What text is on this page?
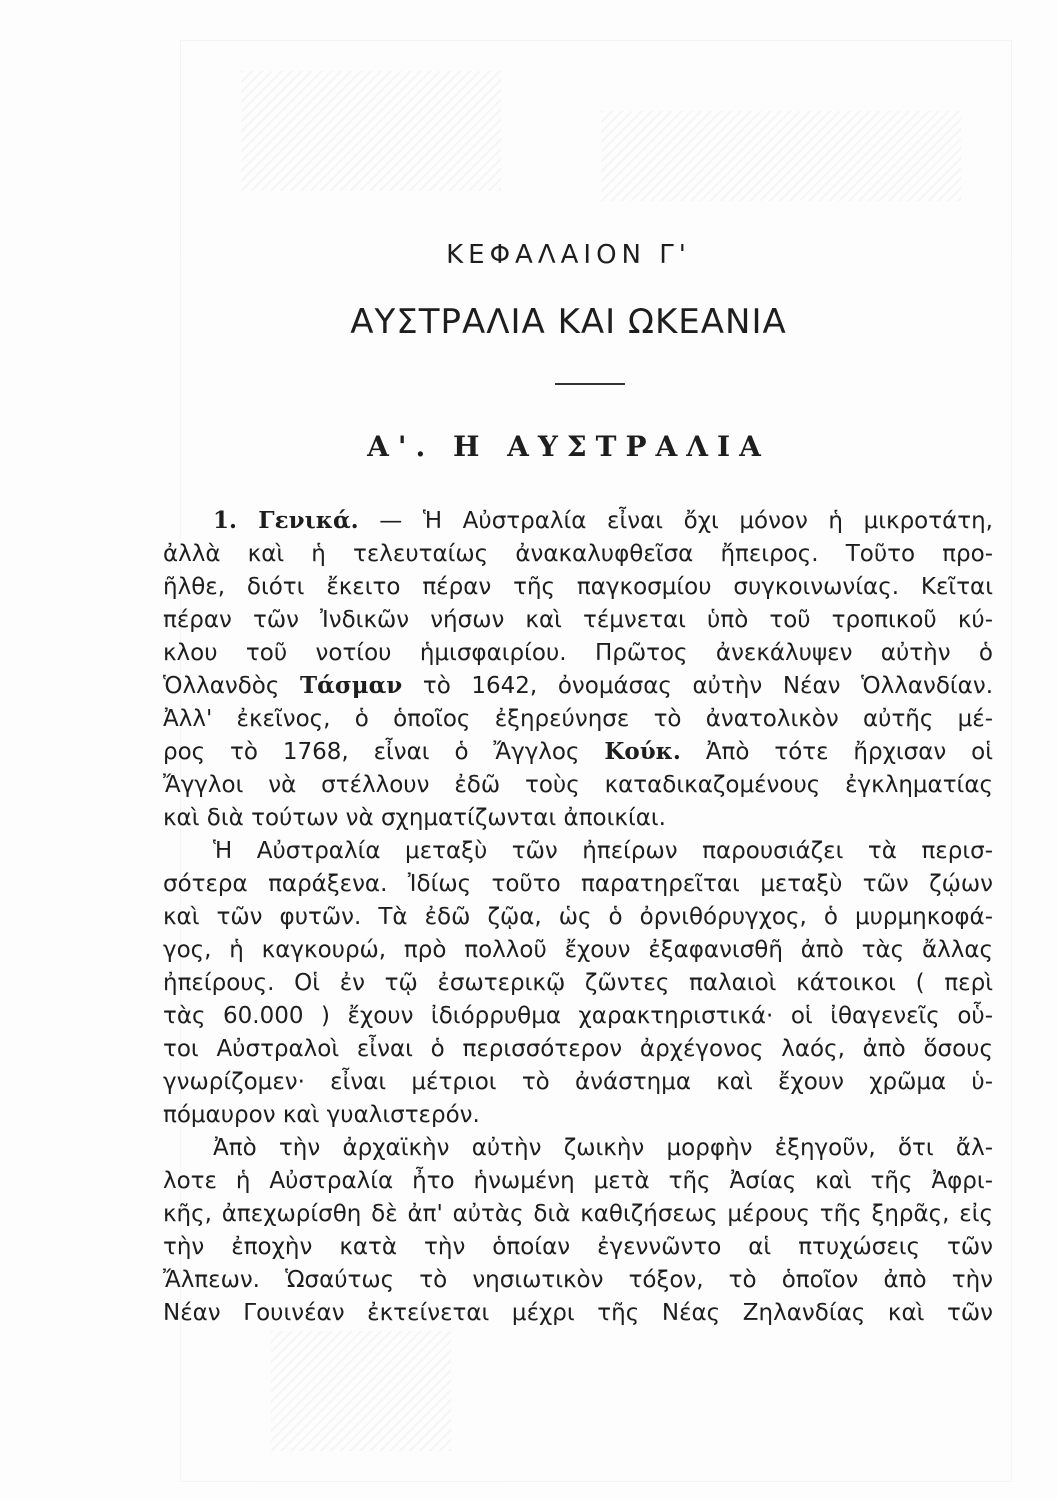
ΚΕΦΑΛΑΙΟΝ Γ'
ΑΥΣΤΡΑΛΙΑ ΚΑΙ ΩΚΕΑΝΙΑ
Α'. Η ΑΥΣΤΡΑΛΙΑ
1. Γενικά. — Ἡ Αὐστραλία εἶναι ὄχι μόνον ἡ μικροτάτη,
ἀλλὰ καὶ ἡ τελευταίως ἀνακαλυφθεῖσα ἤπειρος. Τοῦτο προ-
ῆλθε, διότι ἔκειτο πέραν τῆς παγκοσμίου συγκοινωνίας. Κεῖται
πέραν τῶν Ἰνδικῶν νήσων καὶ τέμνεται ὑπὸ τοῦ τροπικοῦ κύ-
κλου τοῦ νοτίου ἡμισφαιρίου. Πρῶτος ἀνεκάλυψεν αὐτὴν ὁ
Ὁλλανδὸς Τάσμαν τὸ 1642, ὀνομάσας αὐτὴν Νέαν Ὁλλανδίαν.
Ἀλλ' ἐκεῖνος, ὁ ὁποῖος ἐξηρεύνησε τὸ ἀνατολικὸν αὐτῆς μέ-
ρος τὸ 1768, εἶναι ὁ Ἄγγλος Κούκ. Ἀπὸ τότε ἤρχισαν οἱ
Ἄγγλοι νὰ στέλλουν ἐδῶ τοὺς καταδικαζομένους ἐγκληματίας
καὶ διὰ τούτων νὰ σχηματίζωνται ἀποικίαι.
Ἡ Αὐστραλία μεταξὺ τῶν ἠπείρων παρουσιάζει τὰ περισ-
σότερα παράξενα. Ἰδίως τοῦτο παρατηρεῖται μεταξὺ τῶν ζῴων
καὶ τῶν φυτῶν. Τὰ ἐδῶ ζῷα, ὡς ὁ ὀρνιθόρυγχος, ὁ μυρμηκοφά-
γος, ἡ καγκουρώ, πρὸ πολλοῦ ἔχουν ἐξαφανισθῆ ἀπὸ τὰς ἄλλας
ἠπείρους. Οἱ ἐν τῷ ἐσωτερικῷ ζῶντες παλαιοὶ κάτοικοι ( περὶ
τὰς 60.000 ) ἔχουν ἰδιόρρυθμα χαρακτηριστικά· οἱ ἰθαγενεῖς οὗ-
τοι Αὐστραλοὶ εἶναι ὁ περισσότερον ἀρχέγονος λαός, ἀπὸ ὅσους
γνωρίζομεν· εἶναι μέτριοι τὸ ἀνάστημα καὶ ἔχουν χρῶμα ὑ-
πόμαυρον καὶ γυαλιστερόν.
Ἀπὸ τὴν ἀρχαϊκὴν αὐτὴν ζωικὴν μορφὴν ἐξηγοῦν, ὅτι ἄλ-
λοτε ἡ Αὐστραλία ἦτο ἡνωμένη μετὰ τῆς Ἀσίας καὶ τῆς Ἀφρι-
κῆς, ἀπεχωρίσθη δὲ ἀπ' αὐτὰς διὰ καθιζήσεως μέρους τῆς ξηρᾶς, εἰς
τὴν ἐποχὴν κατὰ τὴν ὁποίαν ἐγεννῶντο αἱ πτυχώσεις τῶν
Ἄλπεων. Ὡσαύτως τὸ νησιωτικὸν τόξον, τὸ ὁποῖον ἀπὸ τὴν
Νέαν Γουινέαν ἐκτείνεται μέχρι τῆς Νέας Ζηλανδίας καὶ τῶν
